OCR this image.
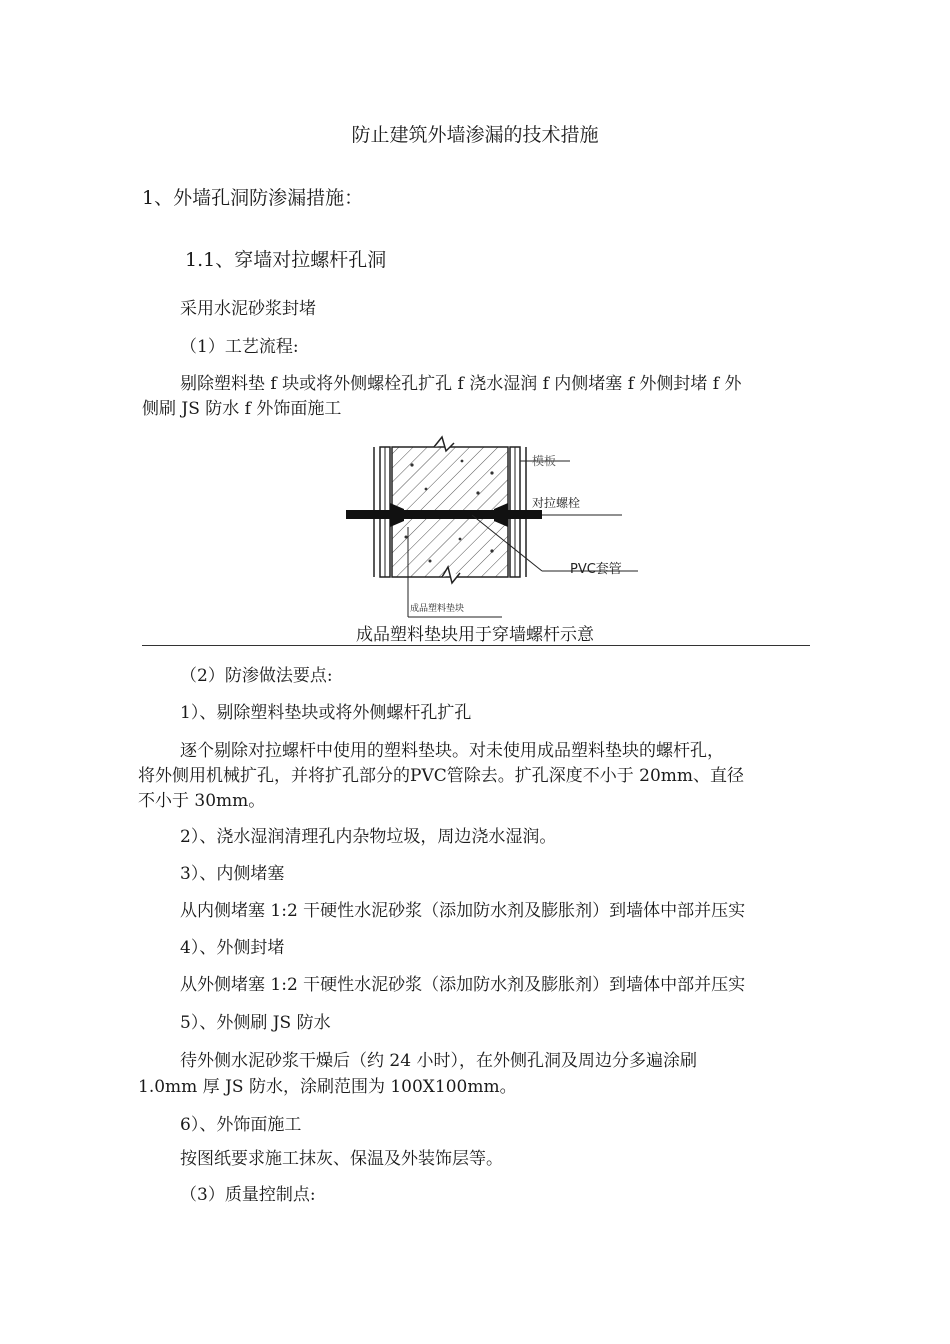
防止建筑外墙渗漏的技术措施

1、外墙孔洞防渗漏措施：

1.1、穿墙对拉螺杆孔洞

采用水泥砂浆封堵

（1）工艺流程:

剔除塑料垫 f 块或将外侧螺栓孔扩孔 f 浇水湿润 f 内侧堵塞 f 外侧封堵 f 外

侧刷 JS 防水 f 外饰面施工

模板
对拉螺栓
PVC套管
成品塑料垫块
成品塑料垫块用于穿墙螺杆示意

（2）防渗做法要点:

1）、剔除塑料垫块或将外侧螺杆孔扩孔

逐个剔除对拉螺杆中使用的塑料垫块。对未使用成品塑料垫块的螺杆孔，

将外侧用机械扩孔，并将扩孔部分的PVC管除去。扩孔深度不小于 20mm、直径

不小于 30mm。

2）、浇水湿润清理孔内杂物垃圾，周边浇水湿润。

3）、内侧堵塞

从内侧堵塞 1:2 干硬性水泥砂浆（添加防水剂及膨胀剂）到墙体中部并压实

4）、外侧封堵

从外侧堵塞 1:2 干硬性水泥砂浆（添加防水剂及膨胀剂）到墙体中部并压实

5）、外侧刷 JS 防水

待外侧水泥砂浆干燥后（约 24 小时），在外侧孔洞及周边分多遍涂刷

1.0mm 厚 JS 防水，涂刷范围为 100X100mm。

6）、外饰面施工

按图纸要求施工抹灰、保温及外装饰层等。

（3）质量控制点:
